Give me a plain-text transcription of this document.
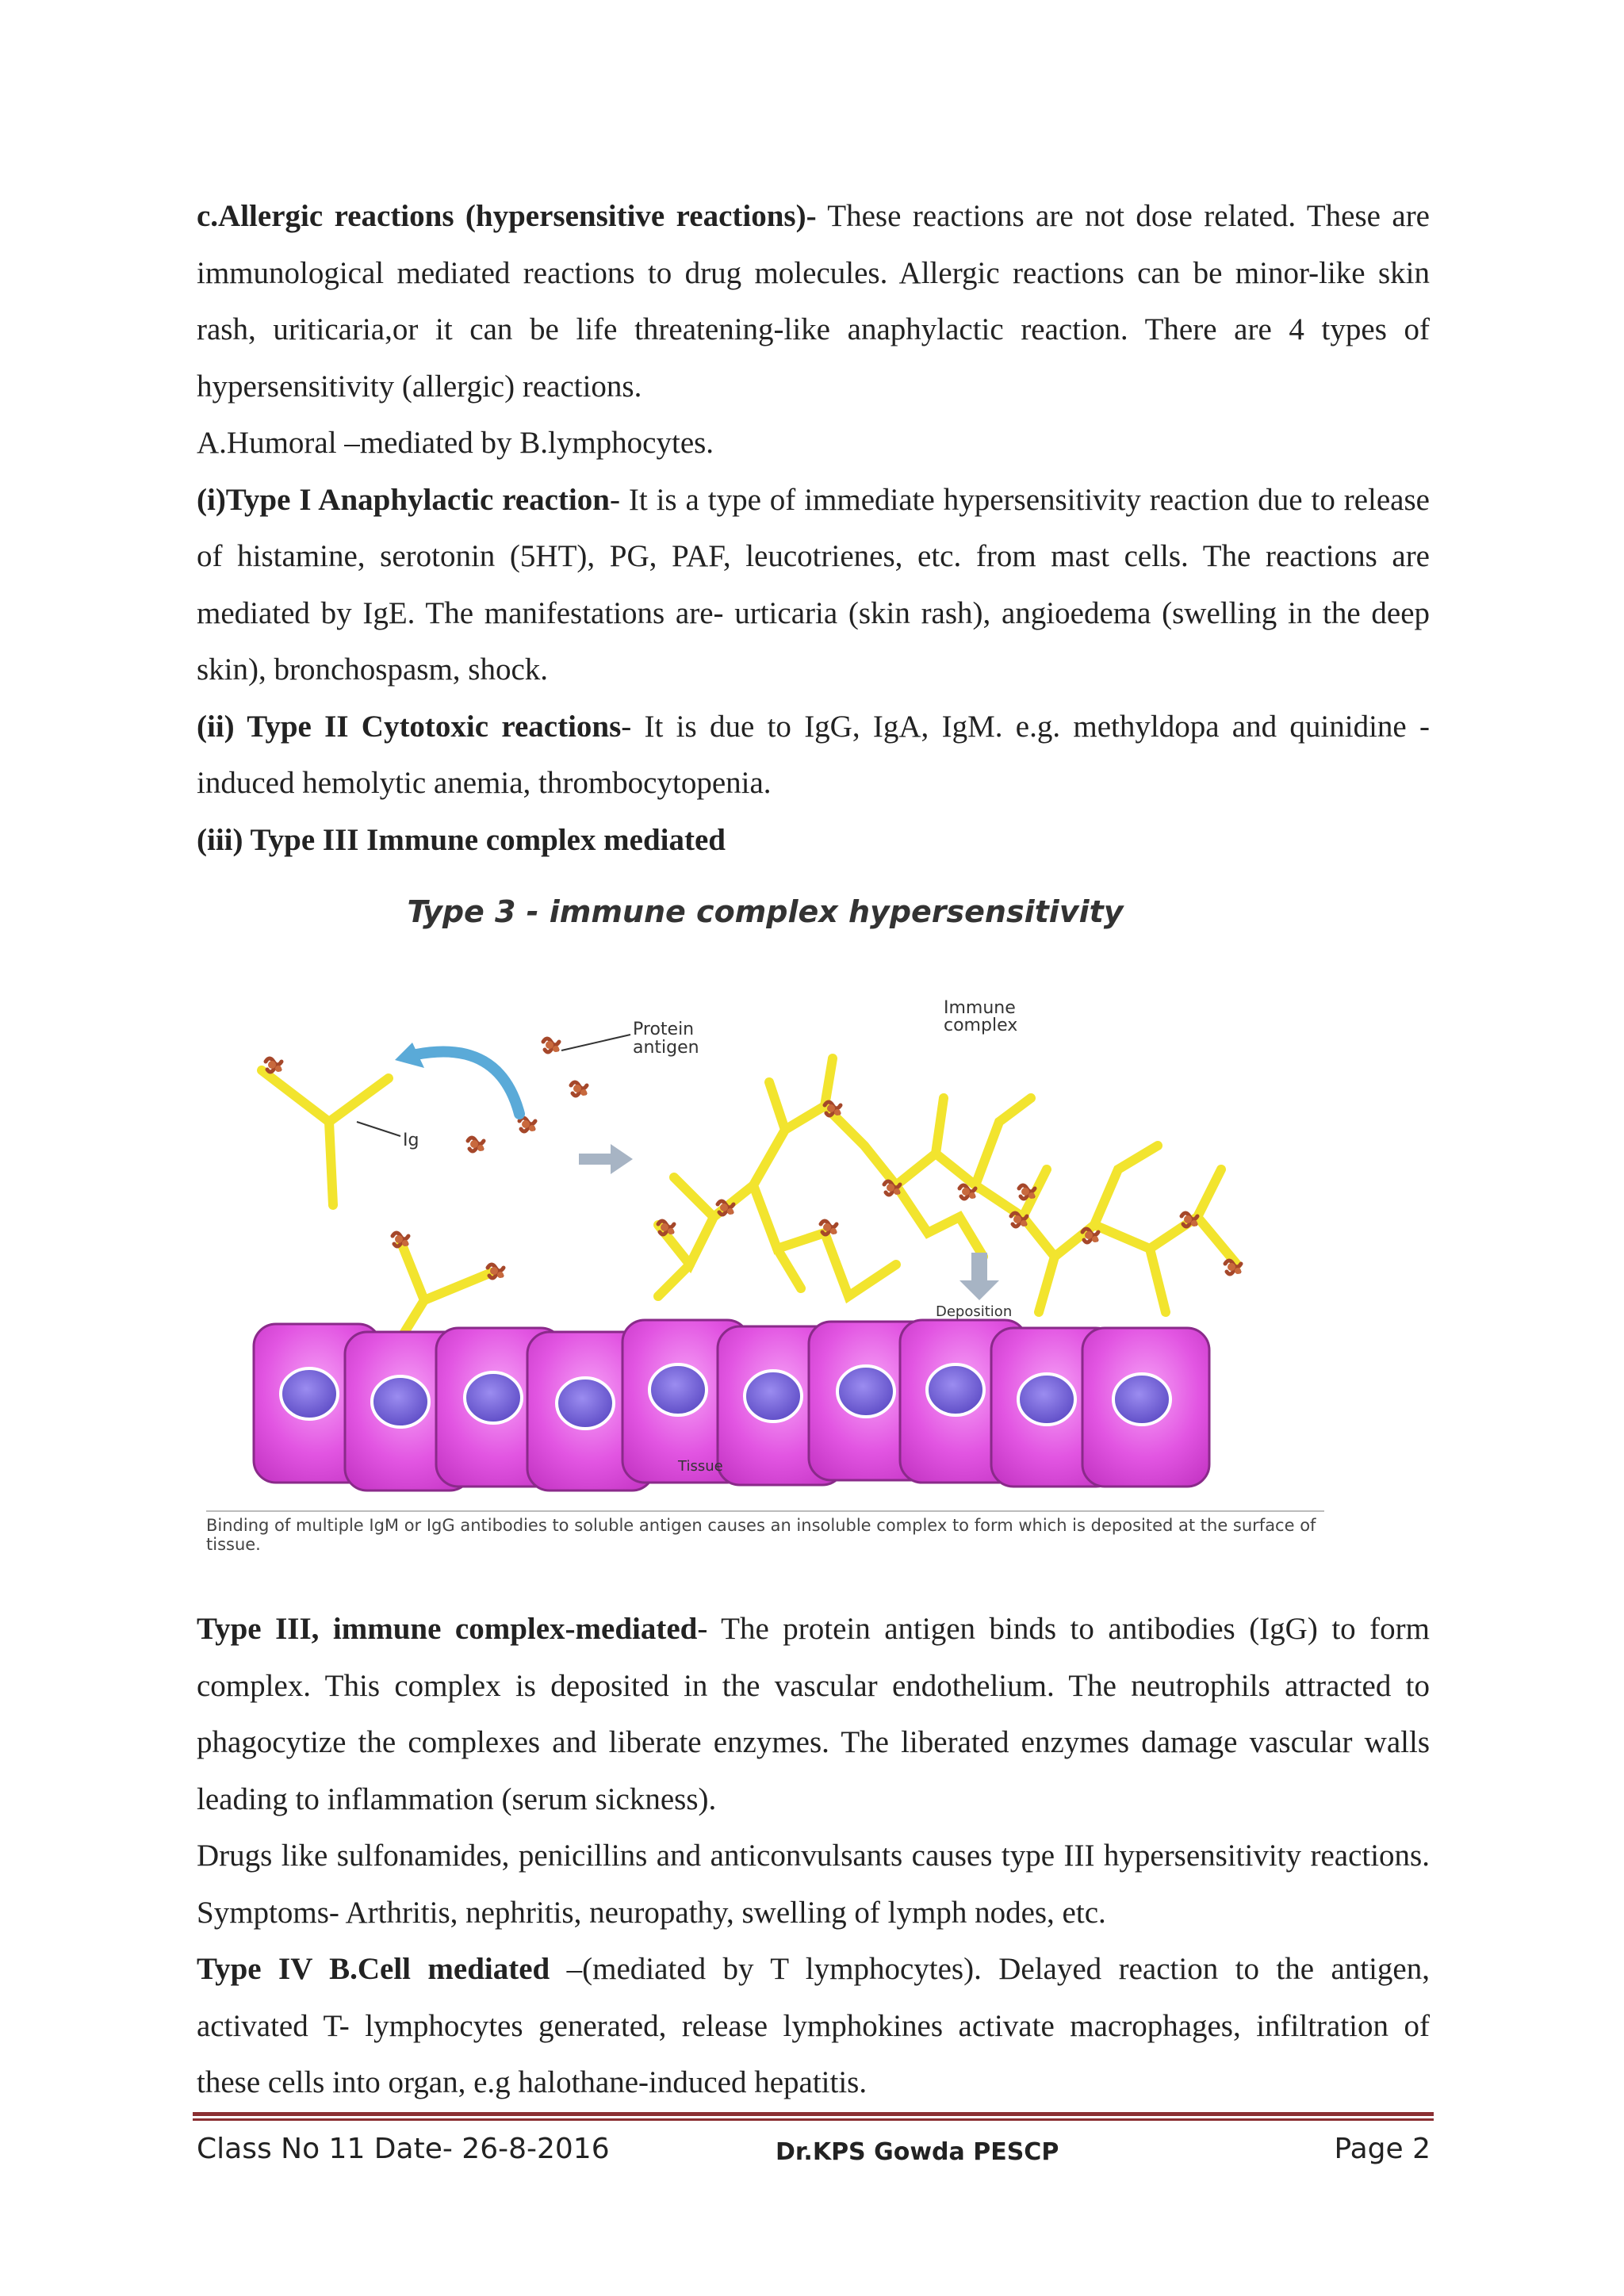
c.Allergic reactions (hypersensitive reactions)- These reactions are not dose related. These are immunological mediated reactions to drug molecules. Allergic reactions can be minor-like skin rash, uriticaria,or it can be life threatening-like anaphylactic reaction. There are 4 types of hypersensitivity (allergic) reactions.

A.Humoral –mediated by B.lymphocytes.

(i)Type I Anaphylactic reaction- It is a type of immediate hypersensitivity reaction due to release of histamine, serotonin (5HT), PG, PAF, leucotrienes, etc. from mast cells. The reactions are mediated by IgE. The manifestations are- urticaria (skin rash), angioedema (swelling in the deep skin), bronchospasm, shock.

(ii) Type II Cytotoxic reactions- It is due to IgG, IgA, IgM. e.g. methyldopa and quinidine -induced hemolytic anemia, thrombocytopenia.

(iii) Type III Immune complex mediated

Protein
antigen
Ig
Immune
complex
Deposition
Tissue
Type 3 - immune complex hypersensitivity
Binding of multiple IgM or IgG antibodies to soluble antigen causes an insoluble complex to form which is deposited at the surface of tissue.

Type III, immune complex-mediated- The protein antigen binds to antibodies (IgG) to form complex. This complex is deposited in the vascular endothelium. The neutrophils attracted to phagocytize the complexes and liberate enzymes. The liberated enzymes damage vascular walls leading to inflammation (serum sickness).

Drugs like sulfonamides, penicillins and anticonvulsants causes type III hypersensitivity reactions. Symptoms- Arthritis, nephritis, neuropathy, swelling of lymph nodes, etc.

Type IV B.Cell mediated –(mediated by T lymphocytes). Delayed reaction to the antigen, activated T- lymphocytes generated, release lymphokines activate macrophages, infiltration of these cells into organ, e.g halothane-induced hepatitis.

Class No 11 Date- 26-8-2016	Dr.KPS Gowda PESCP	Page 2
